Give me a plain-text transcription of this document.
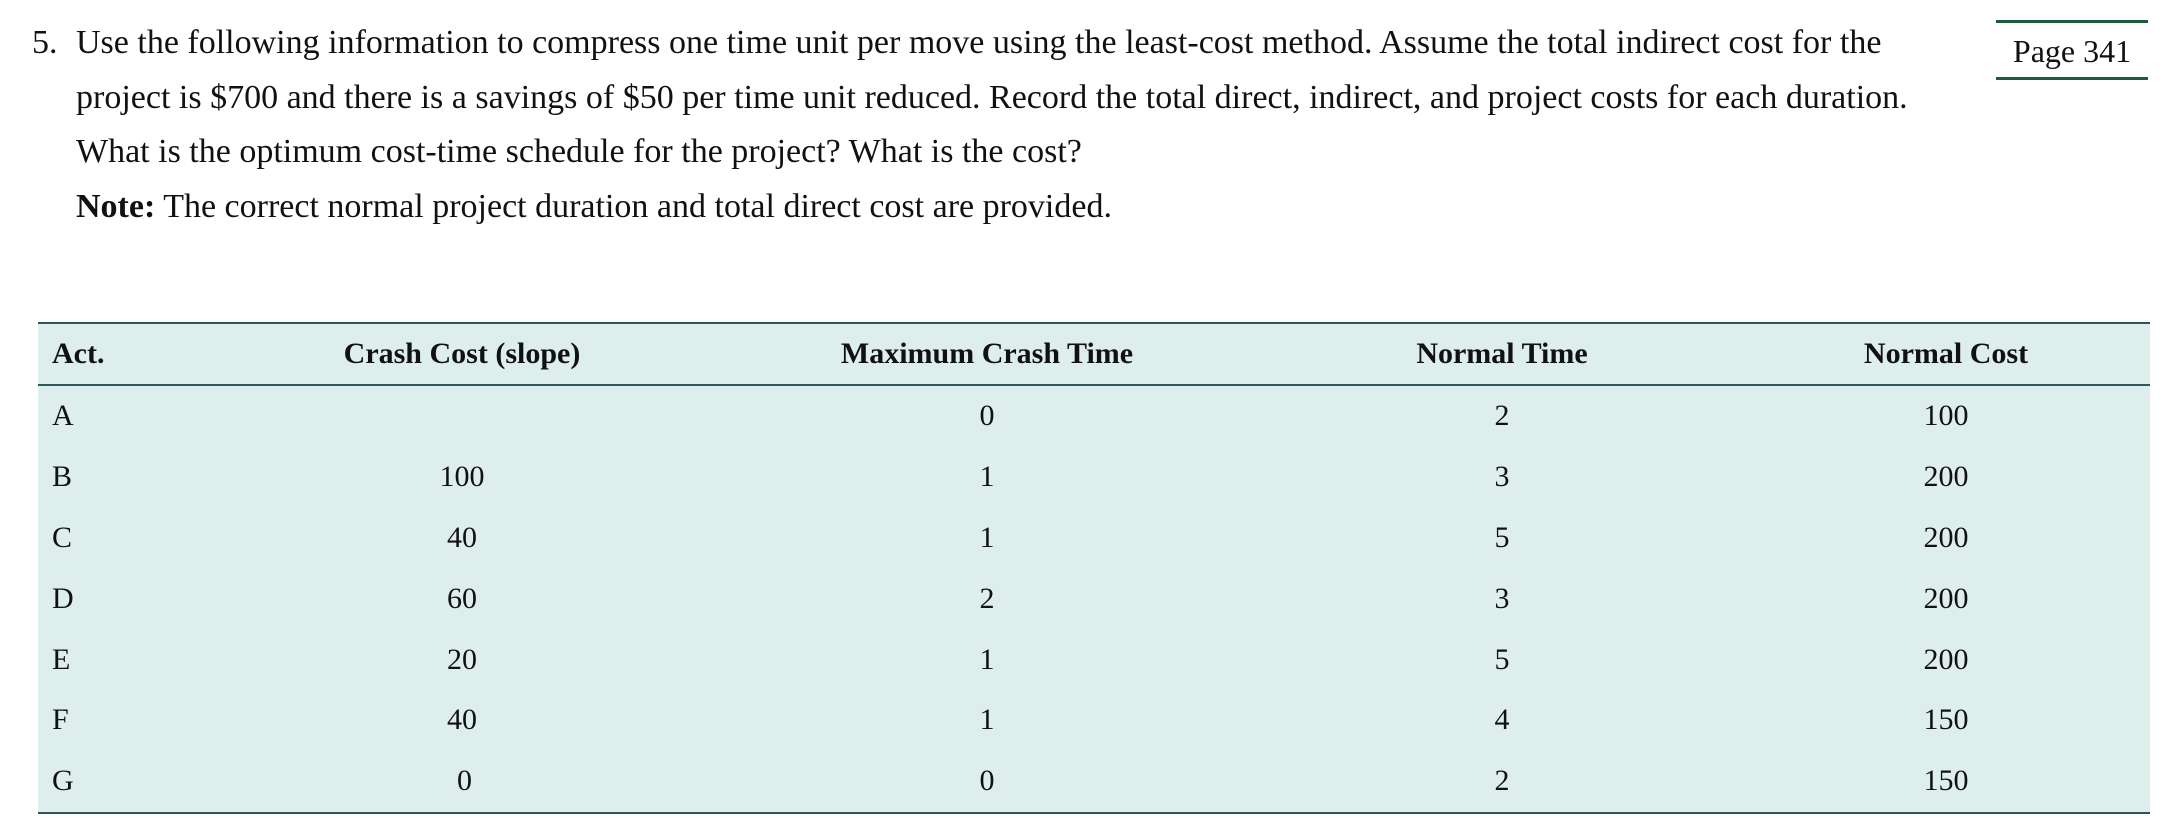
5. Use the following information to compress one time unit per move using the least-cost method. Assume the total indirect cost for the project is $700 and there is a savings of $50 per time unit reduced. Record the total direct, indirect, and project costs for each duration. What is the optimum cost-time schedule for the project? What is the cost?
Note: The correct normal project duration and total direct cost are provided.
Page 341
Act.	Crash Cost (slope)	Maximum Crash Time	Normal Time	Normal Cost
A		0	2	100
B	100	1	3	200
C	40	1	5	200
D	60	2	3	200
E	20	1	5	200
F	40	1	4	150
G	0	0	2	150
